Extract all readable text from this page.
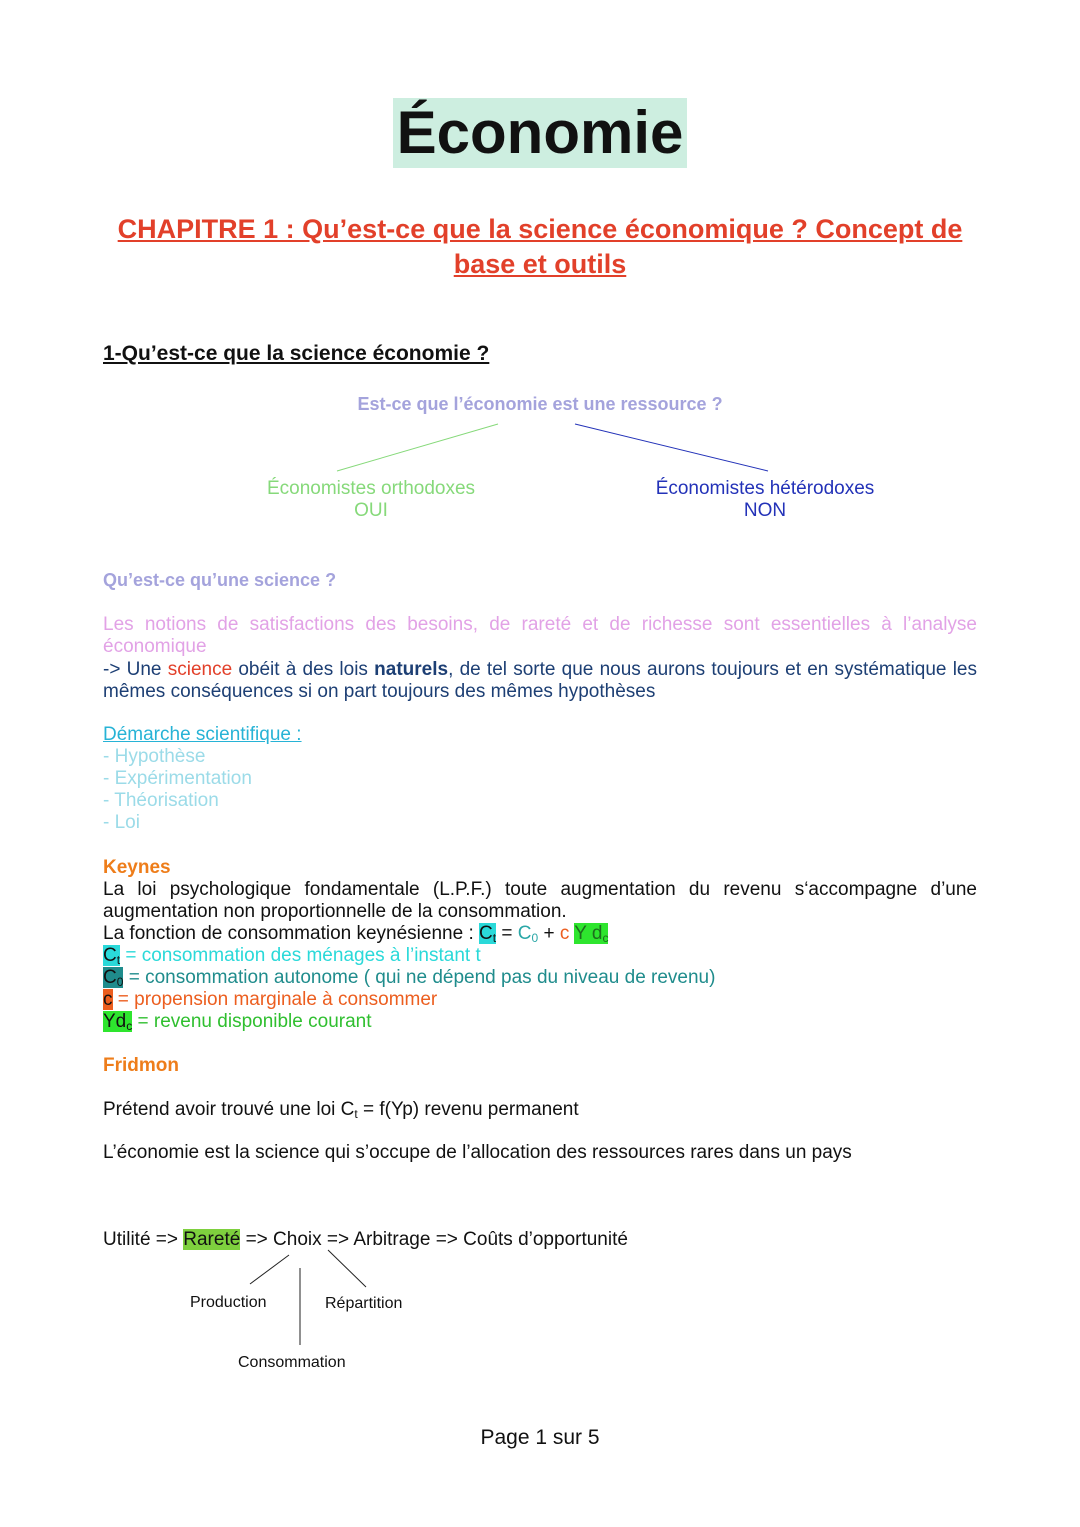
Économie
CHAPITRE 1 : Qu’est-ce que la science économique ? Concept de base et outils
1-Qu’est-ce que la science économie ?
Est-ce que l’économie est une ressource ?
Économistes orthodoxes
OUI
Économistes hétérodoxes
NON
Qu’est-ce qu’une science ?
Les notions de satisfactions des besoins, de rareté et de richesse sont essentielles à l’analyse économique
-> Une science obéit à des lois naturels, de tel sorte que nous aurons toujours et en systématique les mêmes conséquences si on part toujours des mêmes hypothèses
Démarche scientifique :
- Hypothèse
- Expérimentation
- Théorisation
- Loi
Keynes
La loi psychologique fondamentale (L.P.F.) toute augmentation du revenu s‘accompagne d’une augmentation non proportionnelle de la consommation.
La fonction de consommation keynésienne : $C_t = C_0 + c$ Y $d_c$
$C_t$ = consommation des ménages à l’instant t
$C_0$ = consommation autonome ( qui ne dépend pas du niveau de revenu)
c = propension marginale à consommer
$Yd_c$ = revenu disponible courant
Fridmon
Prétend avoir trouvé une loi $C_t = f(Yp)$ revenu permanent
L’économie est la science qui s’occupe de l’allocation des ressources rares dans un pays
Utilité => Rareté => Choix => Arbitrage => Coûts d’opportunité
Production	Répartition
Consommation
Page 1 sur 5
